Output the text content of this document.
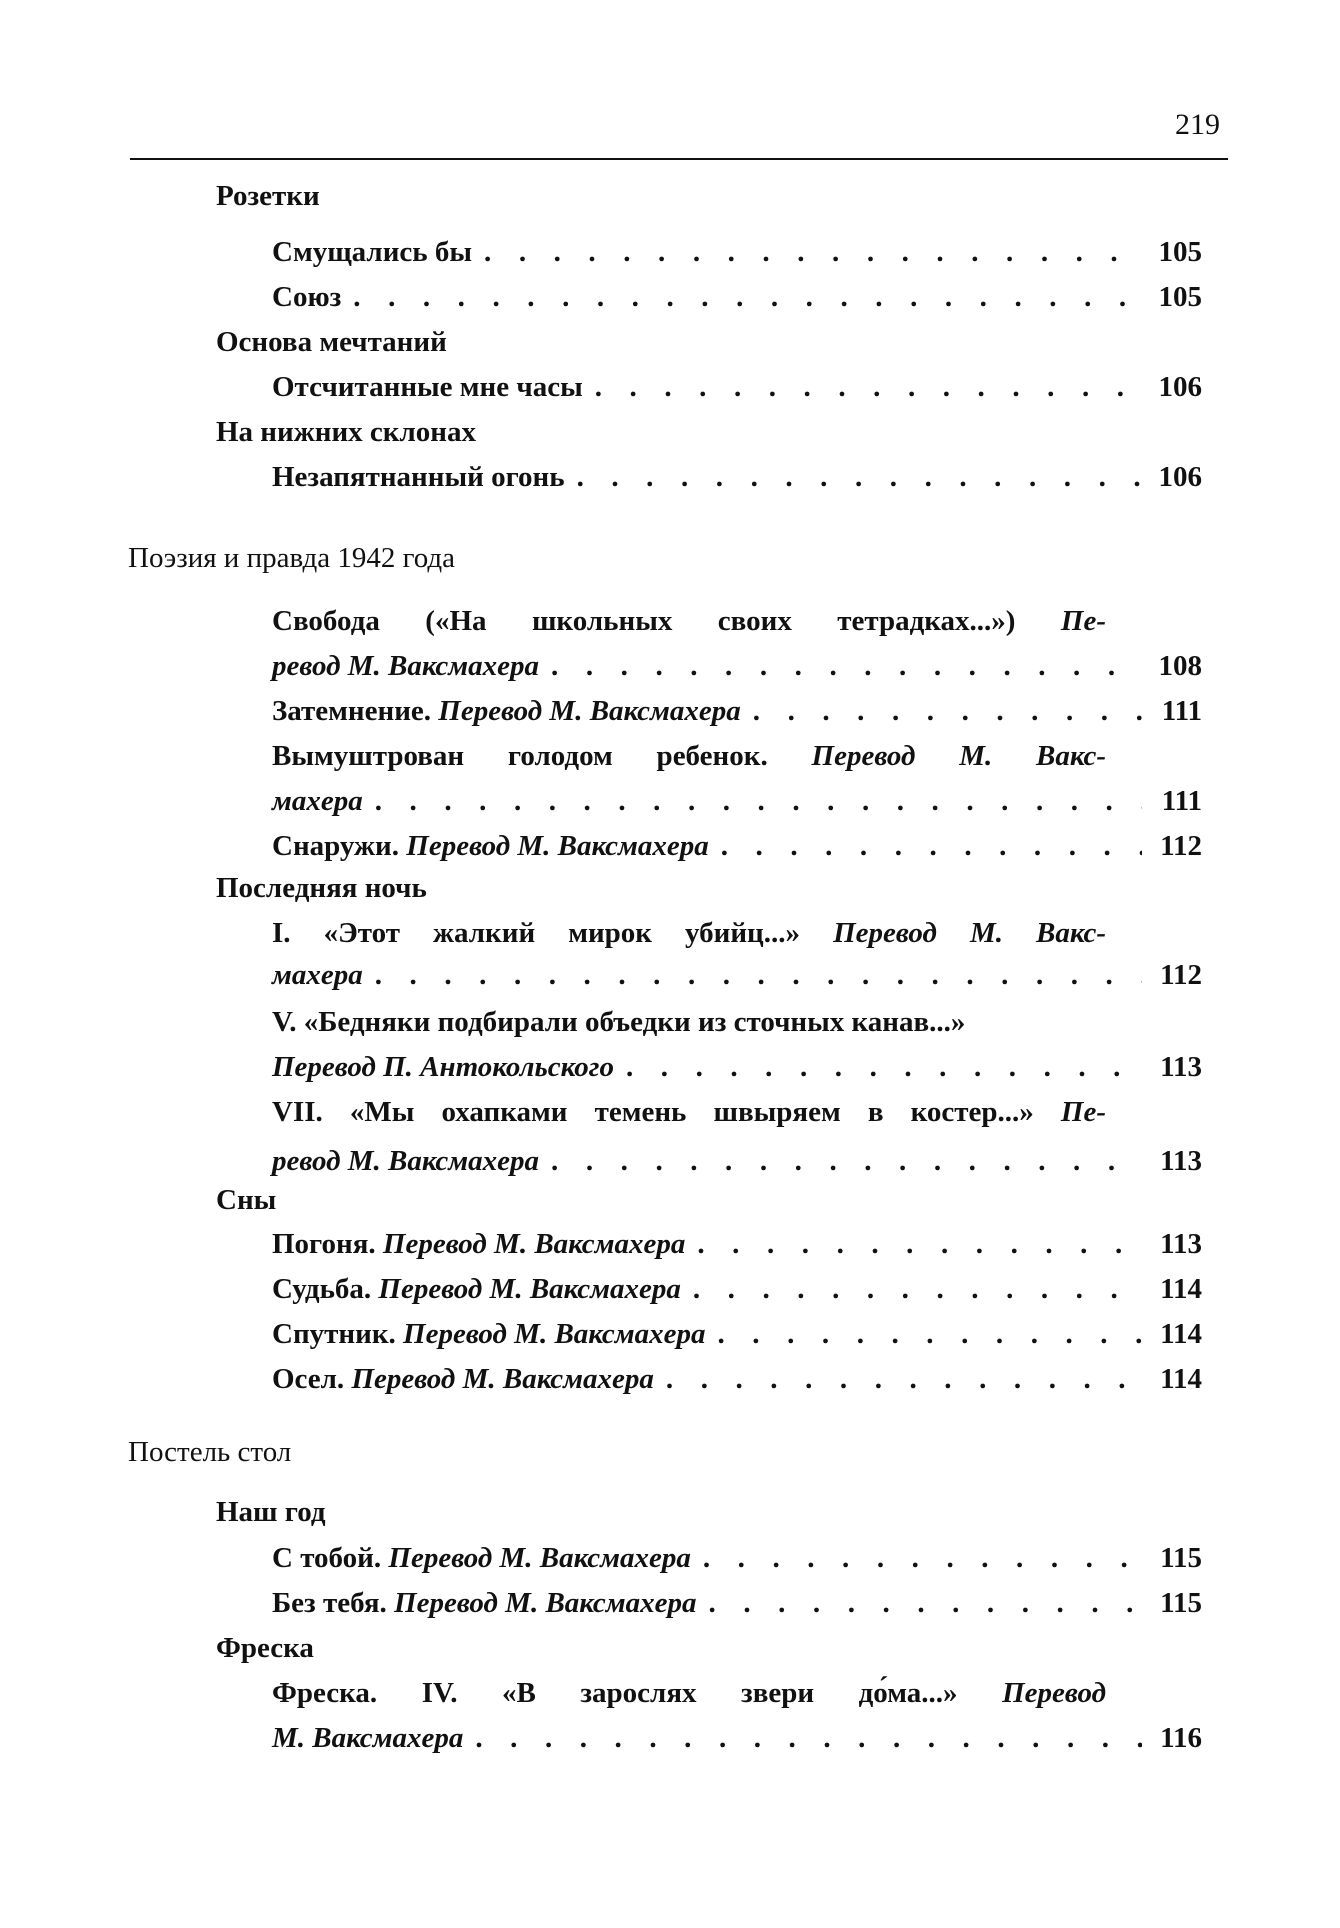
219
Розетки
Смущались бы . . .	105
Союз . . .	105
Основа мечтаний
Отсчитанные мне часы . . .	106
На нижних склонах
Незапятнанный огонь . . .	106
Поэзия и правда 1942 года
Свобода («На школьных своих тетрадках...») Пе-
ревод М. Ваксмахера . . .	108
Затемнение. Перевод М. Ваксмахера . . .	111
Вымуштрован голодом ребенок. Перевод М. Вакс-
махера . . .	111
Снаружи. Перевод М. Ваксмахера . . .	112
Последняя ночь
I. «Этот жалкий мирок убийц...» Перевод М. Вакс-
махера . . .	112
V. «Бедняки подбирали объедки из сточных канав...»
Перевод П. Антокольского . . .	113
VII. «Мы охапками темень швыряем в костер...» Пе-
ревод М. Ваксмахера . . .	113
Сны
Погоня. Перевод М. Ваксмахера . . .	113
Судьба. Перевод М. Ваксмахера . . .	114
Спутник. Перевод М. Ваксмахера . . .	114
Осел. Перевод М. Ваксмахера . . .	114
Постель стол
Наш год
С тобой. Перевод М. Ваксмахера . . .	115
Без тебя. Перевод М. Ваксмахера . . .	115
Фреска
Фреска. IV. «В зарослях звери до́ма...» Перевод
М. Ваксмахера . . .	116
